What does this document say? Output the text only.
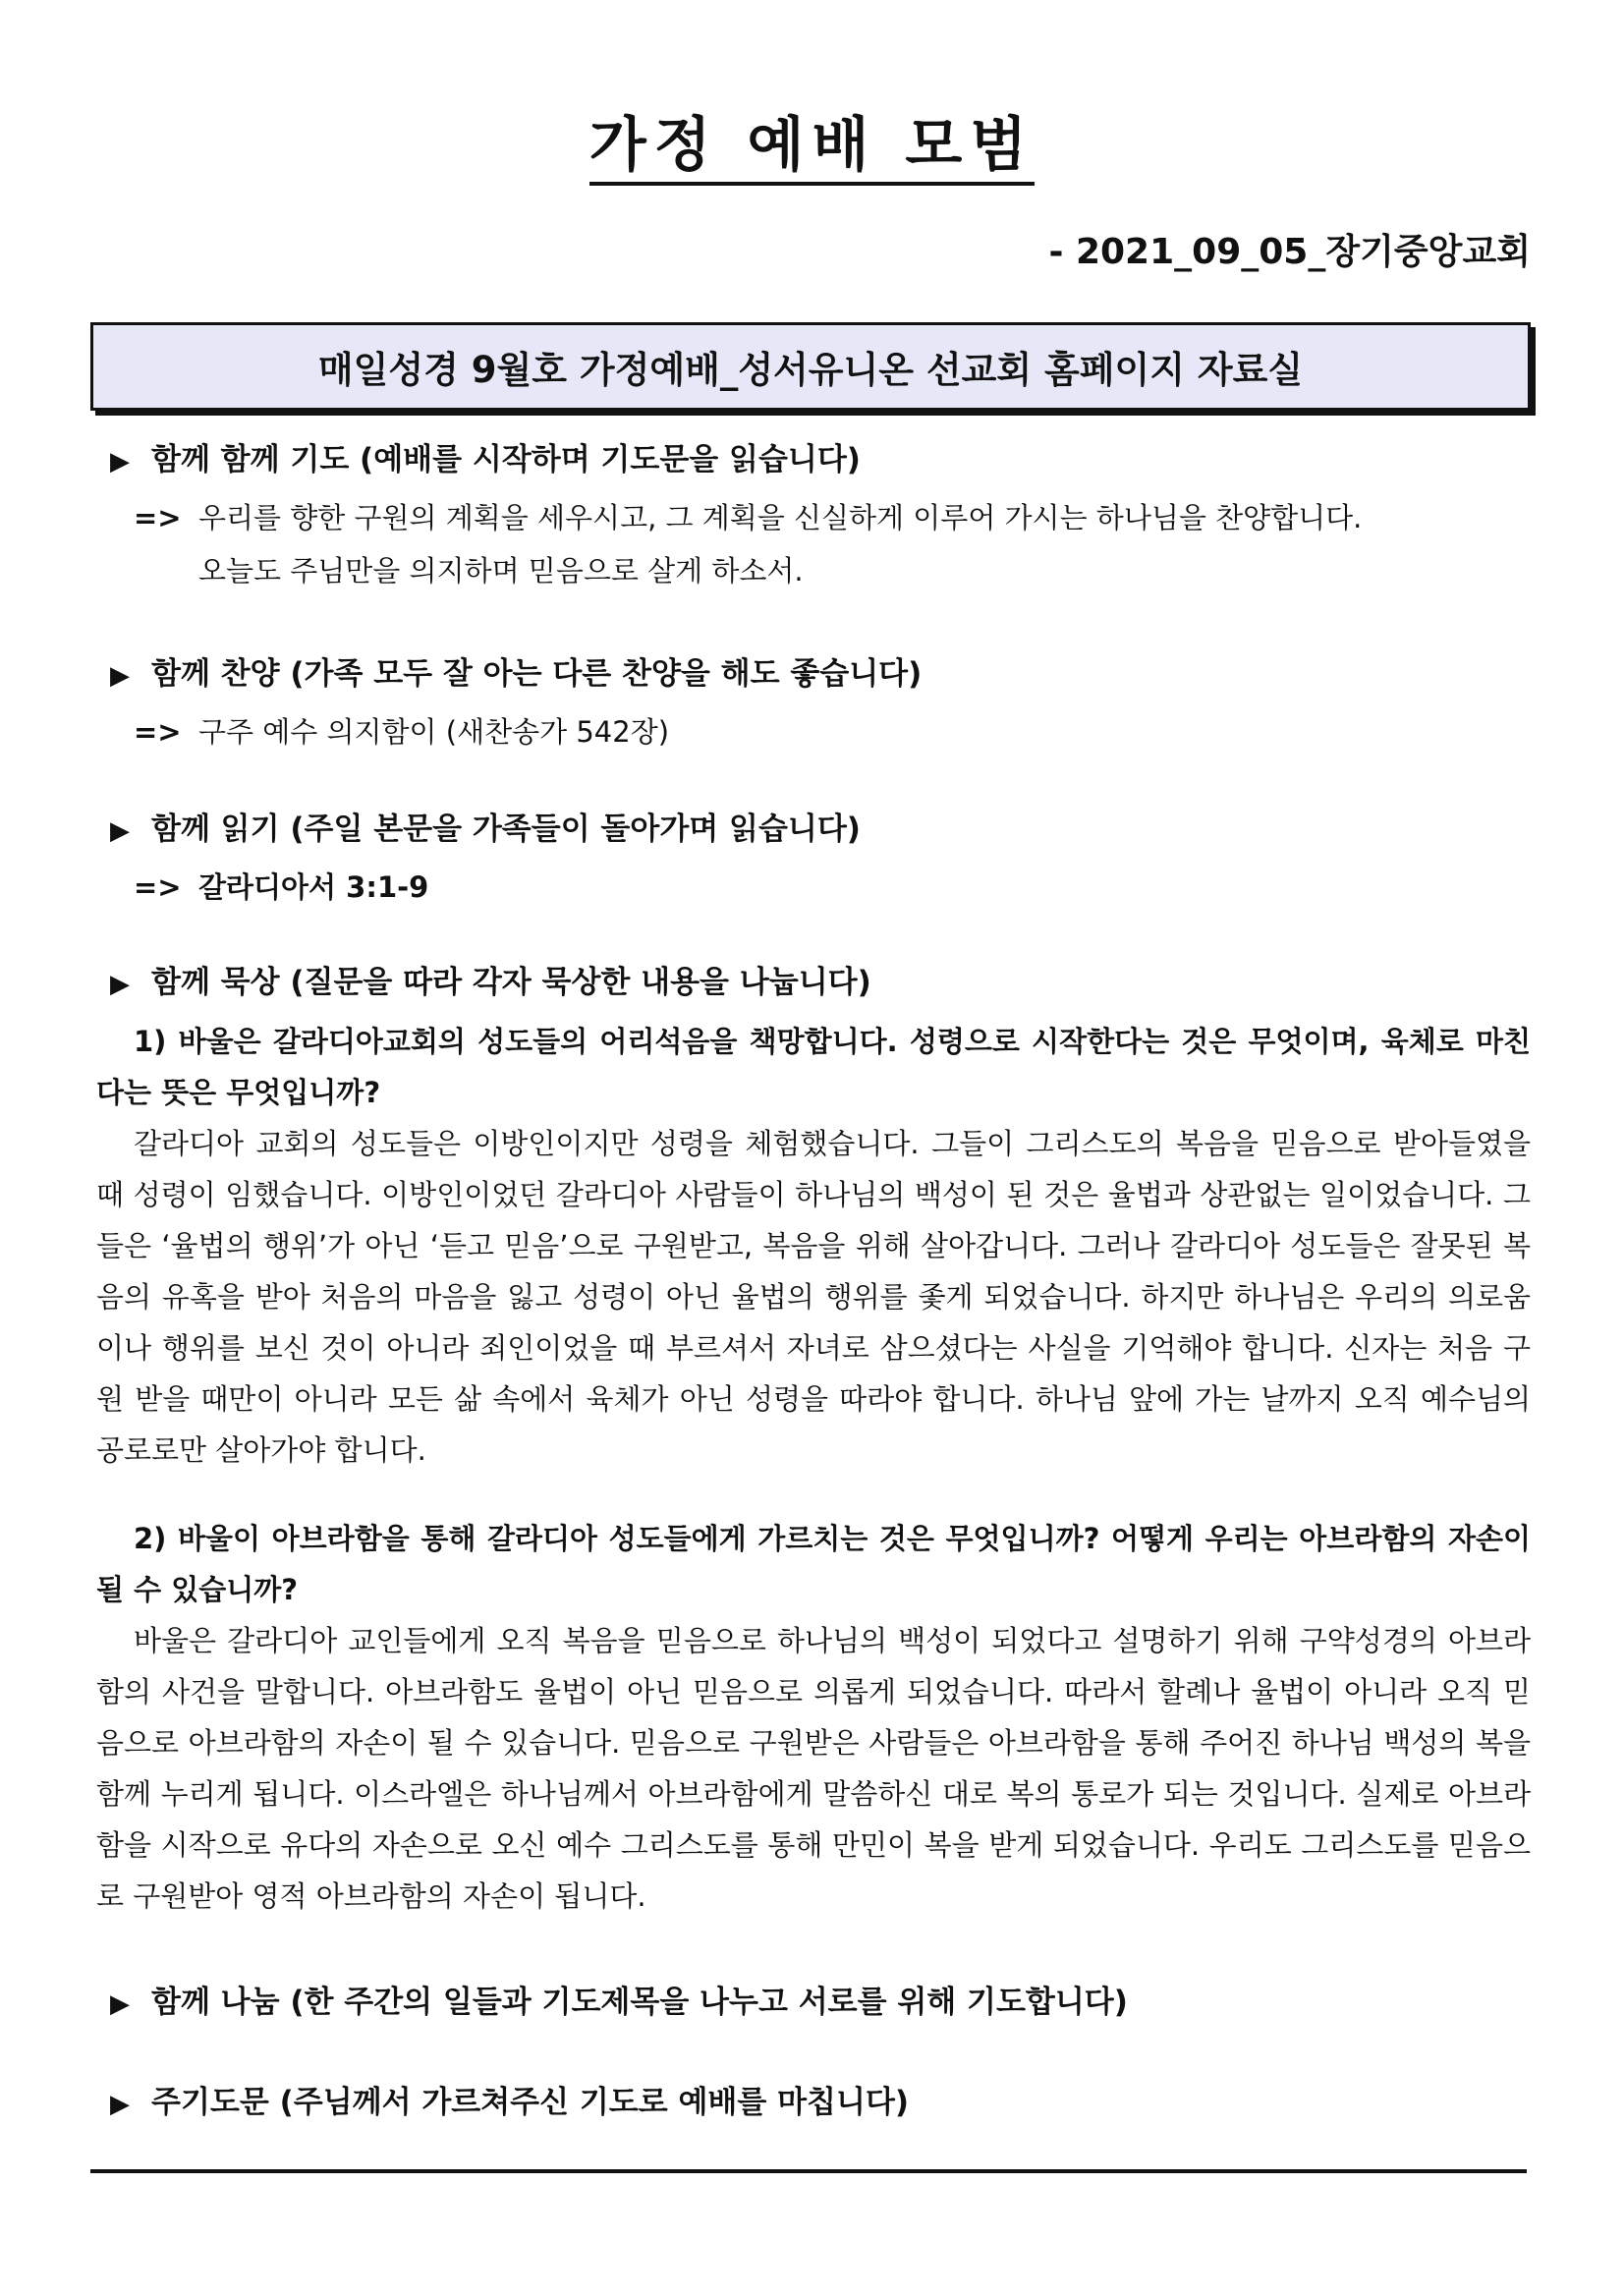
가정 예배 모범
- 2021_09_05_장기중앙교회
매일성경 9월호 가정예배_성서유니온 선교회 홈페이지 자료실
▶ 함께 함께 기도 (예배를 시작하며 기도문을 읽습니다)
=> 우리를 향한 구원의 계획을 세우시고, 그 계획을 신실하게 이루어 가시는 하나님을 찬양합니다.
오늘도 주님만을 의지하며 믿음으로 살게 하소서.
▶ 함께 찬양 (가족 모두 잘 아는 다른 찬양을 해도 좋습니다)
=> 구주 예수 의지함이 (새찬송가 542장)
▶ 함께 읽기 (주일 본문을 가족들이 돌아가며 읽습니다)
=> 갈라디아서 3:1-9
▶ 함께 묵상 (질문을 따라 각자 묵상한 내용을 나눕니다)
1) 바울은 갈라디아교회의 성도들의 어리석음을 책망합니다. 성령으로 시작한다는 것은 무엇이며, 육체로 마친다는 뜻은 무엇입니까?
갈라디아 교회의 성도들은 이방인이지만 성령을 체험했습니다. 그들이 그리스도의 복음을 믿음으로 받아들였을 때 성령이 임했습니다. 이방인이었던 갈라디아 사람들이 하나님의 백성이 된 것은 율법과 상관없는 일이었습니다. 그들은 ‘율법의 행위’가 아닌 ‘듣고 믿음’으로 구원받고, 복음을 위해 살아갑니다. 그러나 갈라디아 성도들은 잘못된 복음의 유혹을 받아 처음의 마음을 잃고 성령이 아닌 율법의 행위를 좇게 되었습니다. 하지만 하나님은 우리의 의로움이나 행위를 보신 것이 아니라 죄인이었을 때 부르셔서 자녀로 삼으셨다는 사실을 기억해야 합니다. 신자는 처음 구원 받을 때만이 아니라 모든 삶 속에서 육체가 아닌 성령을 따라야 합니다. 하나님 앞에 가는 날까지 오직 예수님의 공로로만 살아가야 합니다.
2) 바울이 아브라함을 통해 갈라디아 성도들에게 가르치는 것은 무엇입니까? 어떻게 우리는 아브라함의 자손이 될 수 있습니까?
바울은 갈라디아 교인들에게 오직 복음을 믿음으로 하나님의 백성이 되었다고 설명하기 위해 구약성경의 아브라함의 사건을 말합니다. 아브라함도 율법이 아닌 믿음으로 의롭게 되었습니다. 따라서 할례나 율법이 아니라 오직 믿음으로 아브라함의 자손이 될 수 있습니다. 믿음으로 구원받은 사람들은 아브라함을 통해 주어진 하나님 백성의 복을 함께 누리게 됩니다. 이스라엘은 하나님께서 아브라함에게 말씀하신 대로 복의 통로가 되는 것입니다. 실제로 아브라함을 시작으로 유다의 자손으로 오신 예수 그리스도를 통해 만민이 복을 받게 되었습니다. 우리도 그리스도를 믿음으로 구원받아 영적 아브라함의 자손이 됩니다.
▶ 함께 나눔 (한 주간의 일들과 기도제목을 나누고 서로를 위해 기도합니다)
▶ 주기도문 (주님께서 가르쳐주신 기도로 예배를 마칩니다)
